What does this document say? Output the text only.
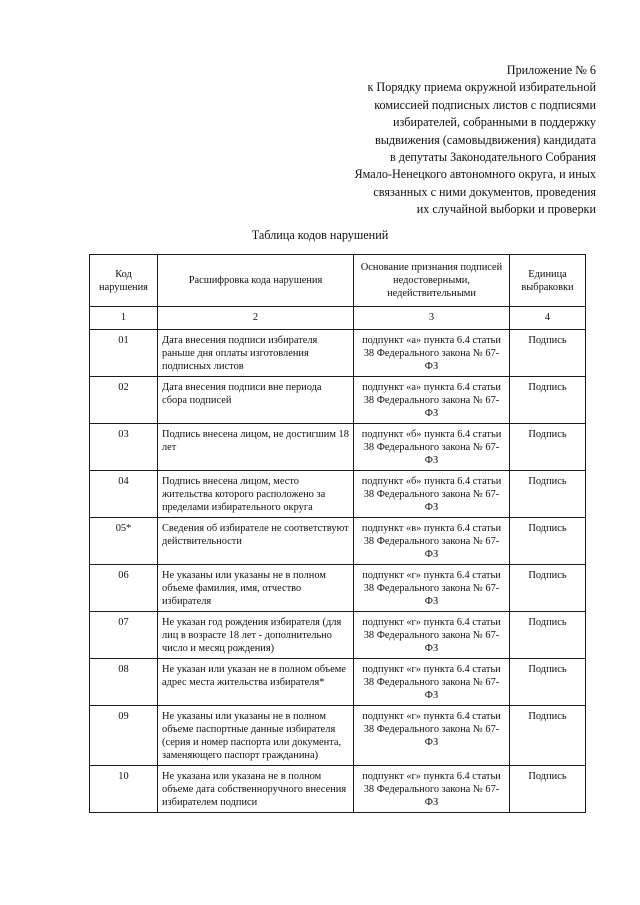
Приложение № 6
к Порядку приема окружной избирательной
комиссией подписных листов с подписями
избирателей, собранными в поддержку
выдвижения (самовыдвижения) кандидата
в депутаты Законодательного Собрания
Ямало-Ненецкого автономного округа, и иных
связанных с ними документов, проведения
их случайной выборки и проверки
Таблица кодов нарушений
Код нарушения	Расшифровка кода нарушения	Основание признания подписей недостоверными, недействительными	Единица выбраковки
1	2	3	4
01	Дата внесения подписи избирателя раньше дня оплаты изготовления подписных листов	подпункт «а» пункта 6.4 статьи 38 Федерального закона № 67-ФЗ	Подпись
02	Дата внесения подписи вне периода сбора подписей	подпункт «а» пункта 6.4 статьи 38 Федерального закона № 67-ФЗ	Подпись
03	Подпись внесена лицом, не достигшим 18 лет	подпункт «б» пункта 6.4 статьи 38 Федерального закона № 67-ФЗ	Подпись
04	Подпись внесена лицом, место жительства которого расположено за пределами избирательного округа	подпункт «б» пункта 6.4 статьи 38 Федерального закона № 67-ФЗ	Подпись
05*	Сведения об избирателе не соответствуют действительности	подпункт «в» пункта 6.4 статьи 38 Федерального закона № 67-ФЗ	Подпись
06	Не указаны или указаны не в полном объеме фамилия, имя, отчество избирателя	подпункт «г» пункта 6.4 статьи 38 Федерального закона № 67-ФЗ	Подпись
07	Не указан год рождения избирателя (для лиц в возрасте 18 лет - дополнительно число и месяц рождения)	подпункт «г» пункта 6.4 статьи 38 Федерального закона № 67-ФЗ	Подпись
08	Не указан или указан не в полном объеме адрес места жительства избирателя*	подпункт «г» пункта 6.4 статьи 38 Федерального закона № 67-ФЗ	Подпись
09	Не указаны или указаны не в полном объеме паспортные данные избирателя (серия и номер паспорта или документа, заменяющего паспорт гражданина)	подпункт «г» пункта 6.4 статьи 38 Федерального закона № 67-ФЗ	Подпись
10	Не указана или указана не в полном объеме дата собственноручного внесения избирателем подписи	подпункт «г» пункта 6.4 статьи 38 Федерального закона № 67-ФЗ	Подпись
